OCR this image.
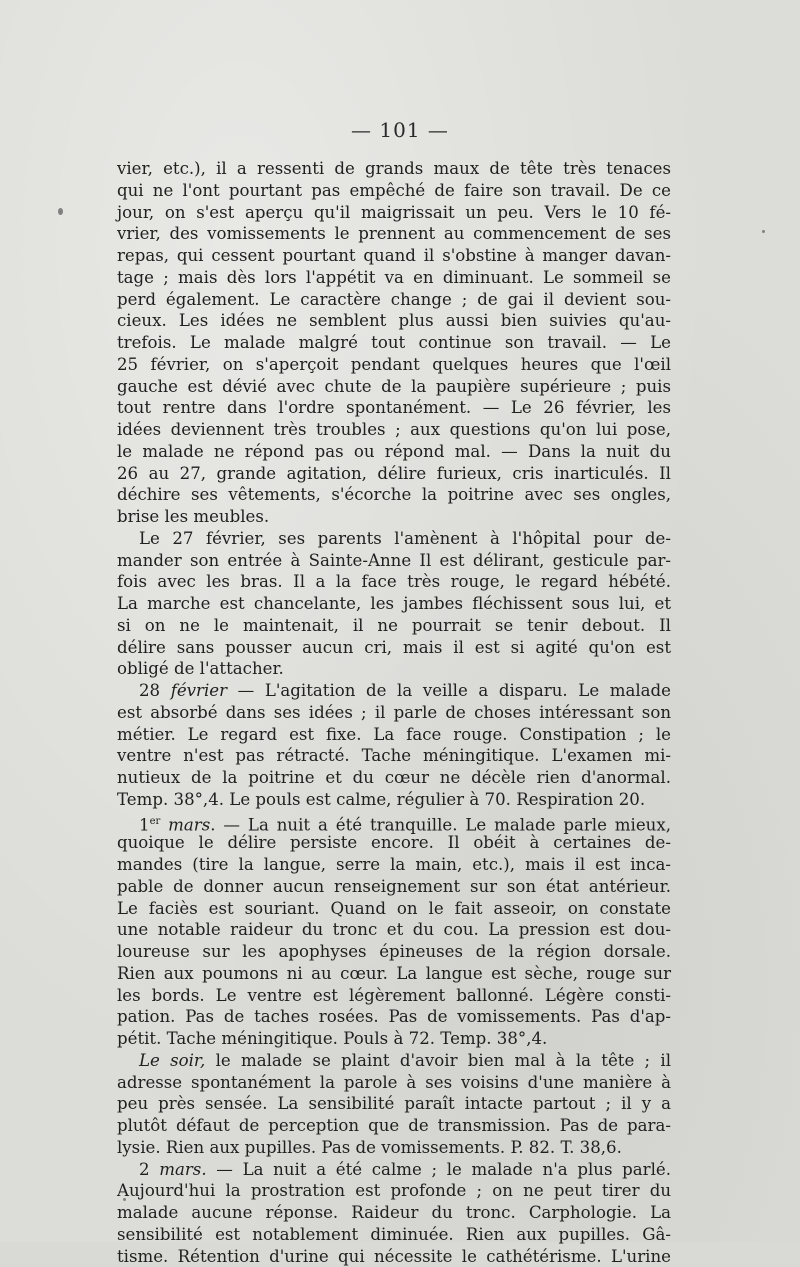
— 101 —
vier, etc.), il a ressenti de grands maux de tête très tenaces
qui ne l'ont pourtant pas empêché de faire son travail. De ce
jour, on s'est aperçu qu'il maigrissait un peu. Vers le 10 fé-
vrier, des vomissements le prennent au commencement de ses
repas, qui cessent pourtant quand il s'obstine à manger davan-
tage ; mais dès lors l'appétit va en diminuant. Le sommeil se
perd également. Le caractère change ; de gai il devient sou-
cieux. Les idées ne semblent plus aussi bien suivies qu'au-
trefois. Le malade malgré tout continue son travail. — Le
25 février, on s'aperçoit pendant quelques heures que l'œil
gauche est dévié avec chute de la paupière supérieure ; puis
tout rentre dans l'ordre spontanément. — Le 26 février, les
idées deviennent très troubles ; aux questions qu'on lui pose,
le malade ne répond pas ou répond mal. — Dans la nuit du
26 au 27, grande agitation, délire furieux, cris inarticulés. Il
déchire ses vêtements, s'écorche la poitrine avec ses ongles,
brise les meubles.
Le 27 février, ses parents l'amènent à l'hôpital pour de-
mander son entrée à Sainte-Anne Il est délirant, gesticule par-
fois avec les bras. Il a la face très rouge, le regard hébété.
La marche est chancelante, les jambes fléchissent sous lui, et
si on ne le maintenait, il ne pourrait se tenir debout. Il
délire sans pousser aucun cri, mais il est si agité qu'on est
obligé de l'attacher.
28 février — L'agitation de la veille a disparu. Le malade
est absorbé dans ses idées ; il parle de choses intéressant son
métier. Le regard est fixe. La face rouge. Constipation ; le
ventre n'est pas rétracté. Tache méningitique. L'examen mi-
nutieux de la poitrine et du cœur ne décèle rien d'anormal.
Temp. 38°,4. Le pouls est calme, régulier à 70. Respiration 20.
1er mars. — La nuit a été tranquille. Le malade parle mieux,
quoique le délire persiste encore. Il obéit à certaines de-
mandes (tire la langue, serre la main, etc.), mais il est inca-
pable de donner aucun renseignement sur son état antérieur.
Le faciès est souriant. Quand on le fait asseoir, on constate
une notable raideur du tronc et du cou. La pression est dou-
loureuse sur les apophyses épineuses de la région dorsale.
Rien aux poumons ni au cœur. La langue est sèche, rouge sur
les bords. Le ventre est légèrement ballonné. Légère consti-
pation. Pas de taches rosées. Pas de vomissements. Pas d'ap-
pétit. Tache méningitique. Pouls à 72. Temp. 38°,4.
Le soir, le malade se plaint d'avoir bien mal à la tête ; il
adresse spontanément la parole à ses voisins d'une manière à
peu près sensée. La sensibilité paraît intacte partout ; il y a
plutôt défaut de perception que de transmission. Pas de para-
lysie. Rien aux pupilles. Pas de vomissements. P. 82. T. 38,6.
2 mars. — La nuit a été calme ; le malade n'a plus parlé.
Aujourd'hui la prostration est profonde ; on ne peut tirer du
malade aucune réponse. Raideur du tronc. Carphologie. La
sensibilité est notablement diminuée. Rien aux pupilles. Gâ-
tisme. Rétention d'urine qui nécessite le cathétérisme. L'urine
